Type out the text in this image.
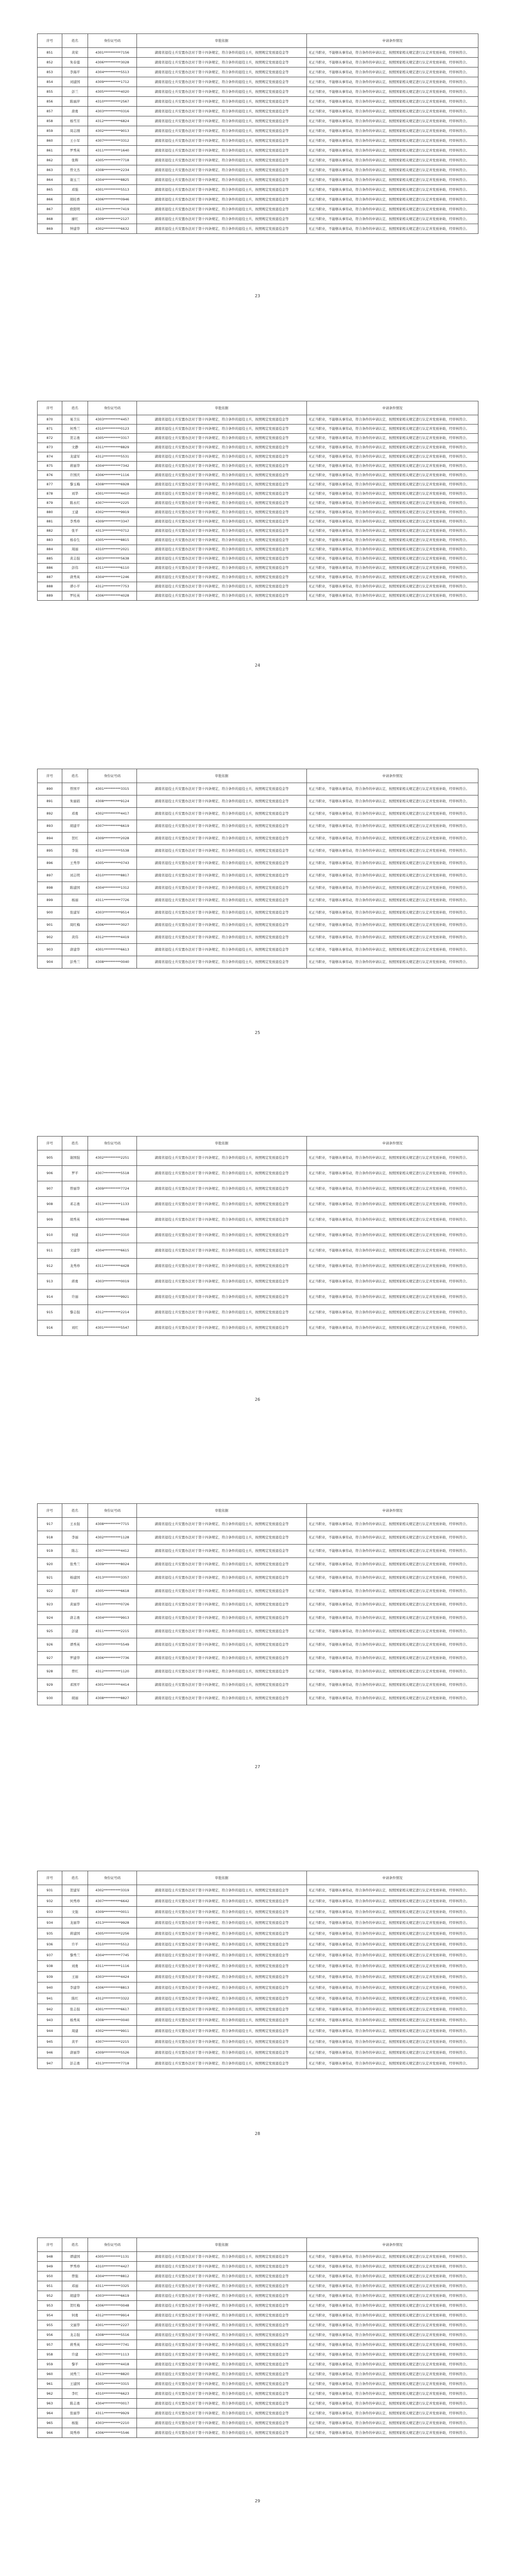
序号	姓名	身份证号码	审批依据	申请条件情况
851	黄荣	4301**********7156	湖南省退役士兵安置办法对于第十四条规定，符合条件的退役士兵，按照规定发放退役金等	无正当职业，不能够从事劳动，符合条件的申请认定，按照国家相关规定进行认定并发放补助，经审核符合。
852	朱春莲	4306**********3028	湖南省退役士兵安置办法对于第十四条规定，符合条件的退役士兵，按照规定发放退役金等	无正当职业，不能够从事劳动，符合条件的申请认定，按照国家相关规定进行认定并发放补助，经审核符合。
853	李海平	4304**********5513	湖南省退役士兵安置办法对于第十四条规定，符合条件的退役士兵，按照规定发放退役金等	无正当职业，不能够从事劳动，符合条件的申请认定，按照国家相关规定进行认定并发放补助，经审核符合。
854	刘建国	4309**********1712	湖南省退役士兵安置办法对于第十四条规定，符合条件的退役士兵，按照规定发放退役金等	无正当职业，不能够从事劳动，符合条件的申请认定，按照国家相关规定进行认定并发放补助，经审核符合。
855	彭兰	4305**********4020	湖南省退役士兵安置办法对于第十四条规定，符合条件的退役士兵，按照规定发放退役金等	无正当职业，不能够从事劳动，符合条件的申请认定，按照国家相关规定进行认定并发放补助，经审核符合。
856	陈丽萍	4310**********2567	湖南省退役士兵安置办法对于第十四条规定，符合条件的退役士兵，按照规定发放退役金等	无正当职业，不能够从事劳动，符合条件的申请认定，按照国家相关规定进行认定并发放补助，经审核符合。
857	唐勇	4303**********0316	湖南省退役士兵安置办法对于第十四条规定，符合条件的退役士兵，按照规定发放退役金等	无正当职业，不能够从事劳动，符合条件的申请认定，按照国家相关规定进行认定并发放补助，经审核符合。
858	杨雪芳	4312**********6824	湖南省退役士兵安置办法对于第十四条规定，符合条件的退役士兵，按照规定发放退役金等	无正当职业，不能够从事劳动，符合条件的申请认定，按照国家相关规定进行认定并发放补助，经审核符合。
859	周志刚	4302**********9013	湖南省退役士兵安置办法对于第十四条规定，符合条件的退役士兵，按照规定发放退役金等	无正当职业，不能够从事劳动，符合条件的申请认定，按照国家相关规定进行认定并发放补助，经审核符合。
860	王小军	4307**********3312	湖南省退役士兵安置办法对于第十四条规定，符合条件的退役士兵，按照规定发放退役金等	无正当职业，不能够从事劳动，符合条件的申请认定，按照国家相关规定进行认定并发放补助，经审核符合。
861	罗秀英	4311**********1640	湖南省退役士兵安置办法对于第十四条规定，符合条件的退役士兵，按照规定发放退役金等	无正当职业，不能够从事劳动，符合条件的申请认定，按照国家相关规定进行认定并发放补助，经审核符合。
862	张辉	4305**********7718	湖南省退役士兵安置办法对于第十四条规定，符合条件的退役士兵，按照规定发放退役金等	无正当职业，不能够从事劳动，符合条件的申请认定，按照国家相关规定进行认定并发放补助，经审核符合。
863	曾文杰	4308**********2234	湖南省退役士兵安置办法对于第十四条规定，符合条件的退役士兵，按照规定发放退役金等	无正当职业，不能够从事劳动，符合条件的申请认定，按照国家相关规定进行认定并发放补助，经审核符合。
864	谢玉兰	4304**********8825	湖南省退役士兵安置办法对于第十四条规定，符合条件的退役士兵，按照规定发放退役金等	无正当职业，不能够从事劳动，符合条件的申请认定，按照国家相关规定进行认定并发放补助，经审核符合。
865	邓强	4301**********5513	湖南省退役士兵安置办法对于第十四条规定，符合条件的退役士兵，按照规定发放退役金等	无正当职业，不能够从事劳动，符合条件的申请认定，按照国家相关规定进行认定并发放补助，经审核符合。
866	胡桂香	4306**********0946	湖南省退役士兵安置办法对于第十四条规定，符合条件的退役士兵，按照规定发放退役金等	无正当职业，不能够从事劳动，符合条件的申请认定，按照国家相关规定进行认定并发放补助，经审核符合。
867	欧阳明	4313**********7419	湖南省退役士兵安置办法对于第十四条规定，符合条件的退役士兵，按照规定发放退役金等	无正当职业，不能够从事劳动，符合条件的申请认定，按照国家相关规定进行认定并发放补助，经审核符合。
868	廖红	4309**********2127	湖南省退役士兵安置办法对于第十四条规定，符合条件的退役士兵，按照规定发放退役金等	无正当职业，不能够从事劳动，符合条件的申请认定，按照国家相关规定进行认定并发放补助，经审核符合。
869	钟建华	4302**********6632	湖南省退役士兵安置办法对于第十四条规定，符合条件的退役士兵，按照规定发放退役金等	无正当职业，不能够从事劳动，符合条件的申请认定，按照国家相关规定进行认定并发放补助，经审核符合。
23
序号	姓名	身份证号码	审批依据	申请条件情况
870	易卫东	4303**********4457	湖南省退役士兵安置办法对于第十四条规定，符合条件的退役士兵，按照规定发放退役金等	无正当职业，不能够从事劳动，符合条件的申请认定，按照国家相关规定进行认定并发放补助，经审核符合。
871	何秀兰	4310**********0123	湖南省退役士兵安置办法对于第十四条规定，符合条件的退役士兵，按照规定发放退役金等	无正当职业，不能够从事劳动，符合条件的申请认定，按照国家相关规定进行认定并发放补助，经审核符合。
872	贺志勇	4305**********3317	湖南省退役士兵安置办法对于第十四条规定，符合条件的退役士兵，按照规定发放退役金等	无正当职业，不能够从事劳动，符合条件的申请认定，按照国家相关规定进行认定并发放补助，经审核符合。
873	文静	4311**********8829	湖南省退役士兵安置办法对于第十四条规定，符合条件的退役士兵，按照规定发放退役金等	无正当职业，不能够从事劳动，符合条件的申请认定，按照国家相关规定进行认定并发放补助，经审核符合。
874	龙建军	4312**********5531	湖南省退役士兵安置办法对于第十四条规定，符合条件的退役士兵，按照规定发放退役金等	无正当职业，不能够从事劳动，符合条件的申请认定，按照国家相关规定进行认定并发放补助，经审核符合。
875	蒋丽华	4304**********7342	湖南省退役士兵安置办法对于第十四条规定，符合条件的退役士兵，按照规定发放退役金等	无正当职业，不能够从事劳动，符合条件的申请认定，按照国家相关规定进行认定并发放补助，经审核符合。
876	许国庆	4306**********1116	湖南省退役士兵安置办法对于第十四条规定，符合条件的退役士兵，按照规定发放退役金等	无正当职业，不能够从事劳动，符合条件的申请认定，按照国家相关规定进行认定并发放补助，经审核符合。
877	黎玉梅	4308**********6928	湖南省退役士兵安置办法对于第十四条规定，符合条件的退役士兵，按照规定发放退役金等	无正当职业，不能够从事劳动，符合条件的申请认定，按照国家相关规定进行认定并发放补助，经审核符合。
878	刘华	4301**********4410	湖南省退役士兵安置办法对于第十四条规定，符合条件的退役士兵，按照规定发放退役金等	无正当职业，不能够从事劳动，符合条件的申请认定，按照国家相关规定进行认定并发放补助，经审核符合。
879	陈永红	4307**********2225	湖南省退役士兵安置办法对于第十四条规定，符合条件的退役士兵，按照规定发放退役金等	无正当职业，不能够从事劳动，符合条件的申请认定，按照国家相关规定进行认定并发放补助，经审核符合。
880	王建	4302**********9919	湖南省退役士兵安置办法对于第十四条规定，符合条件的退役士兵，按照规定发放退役金等	无正当职业，不能够从事劳动，符合条件的申请认定，按照国家相关规定进行认定并发放补助，经审核符合。
881	李秀珍	4309**********3347	湖南省退役士兵安置办法对于第十四条规定，符合条件的退役士兵，按照规定发放退役金等	无正当职业，不能够从事劳动，符合条件的申请认定，按照国家相关规定进行认定并发放补助，经审核符合。
882	张平	4313**********0712	湖南省退役士兵安置办法对于第十四条规定，符合条件的退役士兵，按照规定发放退役金等	无正当职业，不能够从事劳动，符合条件的申请认定，按照国家相关规定进行认定并发放补助，经审核符合。
883	杨春生	4305**********8815	湖南省退役士兵安置办法对于第十四条规定，符合条件的退役士兵，按照规定发放退役金等	无正当职业，不能够从事劳动，符合条件的申请认定，按照国家相关规定进行认定并发放补助，经审核符合。
884	周丽	4310**********2021	湖南省退役士兵安置办法对于第十四条规定，符合条件的退役士兵，按照规定发放退役金等	无正当职业，不能够从事劳动，符合条件的申请认定，按照国家相关规定进行认定并发放补助，经审核符合。
885	黄志强	4303**********5638	湖南省退役士兵安置办法对于第十四条规定，符合条件的退役士兵，按照规定发放退役金等	无正当职业，不能够从事劳动，符合条件的申请认定，按照国家相关规定进行认定并发放补助，经审核符合。
886	彭伟	4311**********6110	湖南省退役士兵安置办法对于第十四条规定，符合条件的退役士兵，按照规定发放退役金等	无正当职业，不能够从事劳动，符合条件的申请认定，按照国家相关规定进行认定并发放补助，经审核符合。
887	唐秀英	4304**********1246	湖南省退役士兵安置办法对于第十四条规定，符合条件的退役士兵，按照规定发放退役金等	无正当职业，不能够从事劳动，符合条件的申请认定，按照国家相关规定进行认定并发放补助，经审核符合。
888	谭小平	4312**********7753	湖南省退役士兵安置办法对于第十四条规定，符合条件的退役士兵，按照规定发放退役金等	无正当职业，不能够从事劳动，符合条件的申请认定，按照国家相关规定进行认定并发放补助，经审核符合。
889	罗桂英	4306**********4028	湖南省退役士兵安置办法对于第十四条规定，符合条件的退役士兵，按照规定发放退役金等	无正当职业，不能够从事劳动，符合条件的申请认定，按照国家相关规定进行认定并发放补助，经审核符合。
24
序号	姓名	身份证号码	审批依据	申请条件情况
890	曾国平	4301**********3315	湖南省退役士兵安置办法对于第十四条规定，符合条件的退役士兵，按照规定发放退役金等	无正当职业，不能够从事劳动，符合条件的申请认定，按照国家相关规定进行认定并发放补助，经审核符合。
891	朱丽娟	4308**********9124	湖南省退役士兵安置办法对于第十四条规定，符合条件的退役士兵，按照规定发放退役金等	无正当职业，不能够从事劳动，符合条件的申请认定，按照国家相关规定进行认定并发放补助，经审核符合。
892	邓勇	4302**********4417	湖南省退役士兵安置办法对于第十四条规定，符合条件的退役士兵，按照规定发放退役金等	无正当职业，不能够从事劳动，符合条件的申请认定，按照国家相关规定进行认定并发放补助，经审核符合。
893	胡建平	4307**********6619	湖南省退役士兵安置办法对于第十四条规定，符合条件的退役士兵，按照规定发放退役金等	无正当职业，不能够从事劳动，符合条件的申请认定，按照国家相关规定进行认定并发放补助，经审核符合。
894	贺红	4309**********2028	湖南省退役士兵安置办法对于第十四条规定，符合条件的退役士兵，按照规定发放退役金等	无正当职业，不能够从事劳动，符合条件的申请认定，按照国家相关规定进行认定并发放补助，经审核符合。
895	李强	4313**********5538	湖南省退役士兵安置办法对于第十四条规定，符合条件的退役士兵，按照规定发放退役金等	无正当职业，不能够从事劳动，符合条件的申请认定，按照国家相关规定进行认定并发放补助，经审核符合。
896	王秀华	4305**********0743	湖南省退役士兵安置办法对于第十四条规定，符合条件的退役士兵，按照规定发放退役金等	无正当职业，不能够从事劳动，符合条件的申请认定，按照国家相关规定进行认定并发放补助，经审核符合。
897	刘志明	4310**********8817	湖南省退役士兵安置办法对于第十四条规定，符合条件的退役士兵，按照规定发放退役金等	无正当职业，不能够从事劳动，符合条件的申请认定，按照国家相关规定进行认定并发放补助，经审核符合。
898	陈建国	4304**********1312	湖南省退役士兵安置办法对于第十四条规定，符合条件的退役士兵，按照规定发放退役金等	无正当职业，不能够从事劳动，符合条件的申请认定，按照国家相关规定进行认定并发放补助，经审核符合。
899	杨丽	4311**********7726	湖南省退役士兵安置办法对于第十四条规定，符合条件的退役士兵，按照规定发放退役金等	无正当职业，不能够从事劳动，符合条件的申请认定，按照国家相关规定进行认定并发放补助，经审核符合。
900	张建军	4303**********9514	湖南省退役士兵安置办法对于第十四条规定，符合条件的退役士兵，按照规定发放退役金等	无正当职业，不能够从事劳动，符合条件的申请认定，按照国家相关规定进行认定并发放补助，经审核符合。
901	周红梅	4306**********3027	湖南省退役士兵安置办法对于第十四条规定，符合条件的退役士兵，按照规定发放退役金等	无正当职业，不能够从事劳动，符合条件的申请认定，按照国家相关规定进行认定并发放补助，经审核符合。
902	黄伟	4312**********4419	湖南省退役士兵安置办法对于第十四条规定，符合条件的退役士兵，按照规定发放退役金等	无正当职业，不能够从事劳动，符合条件的申请认定，按照国家相关规定进行认定并发放补助，经审核符合。
903	唐建华	4301**********6613	湖南省退役士兵安置办法对于第十四条规定，符合条件的退役士兵，按照规定发放退役金等	无正当职业，不能够从事劳动，符合条件的申请认定，按照国家相关规定进行认定并发放补助，经审核符合。
904	彭秀兰	4308**********0040	湖南省退役士兵安置办法对于第十四条规定，符合条件的退役士兵，按照规定发放退役金等	无正当职业，不能够从事劳动，符合条件的申请认定，按照国家相关规定进行认定并发放补助，经审核符合。
25
序号	姓名	身份证号码	审批依据	申请条件情况
905	谢国强	4302**********2251	湖南省退役士兵安置办法对于第十四条规定，符合条件的退役士兵，按照规定发放退役金等	无正当职业，不能够从事劳动，符合条件的申请认定，按照国家相关规定进行认定并发放补助，经审核符合。
906	罗平	4307**********5518	湖南省退役士兵安置办法对于第十四条规定，符合条件的退役士兵，按照规定发放退役金等	无正当职业，不能够从事劳动，符合条件的申请认定，按照国家相关规定进行认定并发放补助，经审核符合。
907	曾丽华	4309**********7724	湖南省退役士兵安置办法对于第十四条规定，符合条件的退役士兵，按照规定发放退役金等	无正当职业，不能够从事劳动，符合条件的申请认定，按照国家相关规定进行认定并发放补助，经审核符合。
908	邓志勇	4313**********1133	湖南省退役士兵安置办法对于第十四条规定，符合条件的退役士兵，按照规定发放退役金等	无正当职业，不能够从事劳动，符合条件的申请认定，按照国家相关规定进行认定并发放补助，经审核符合。
909	胡秀英	4305**********8846	湖南省退役士兵安置办法对于第十四条规定，符合条件的退役士兵，按照规定发放退役金等	无正当职业，不能够从事劳动，符合条件的申请认定，按照国家相关规定进行认定并发放补助，经审核符合。
910	何建	4310**********3310	湖南省退役士兵安置办法对于第十四条规定，符合条件的退役士兵，按照规定发放退役金等	无正当职业，不能够从事劳动，符合条件的申请认定，按照国家相关规定进行认定并发放补助，经审核符合。
911	文建华	4304**********6615	湖南省退役士兵安置办法对于第十四条规定，符合条件的退役士兵，按照规定发放退役金等	无正当职业，不能够从事劳动，符合条件的申请认定，按照国家相关规定进行认定并发放补助，经审核符合。
912	龙秀珍	4311**********4428	湖南省退役士兵安置办法对于第十四条规定，符合条件的退役士兵，按照规定发放退役金等	无正当职业，不能够从事劳动，符合条件的申请认定，按照国家相关规定进行认定并发放补助，经审核符合。
913	蒋勇	4303**********0019	湖南省退役士兵安置办法对于第十四条规定，符合条件的退役士兵，按照规定发放退役金等	无正当职业，不能够从事劳动，符合条件的申请认定，按照国家相关规定进行认定并发放补助，经审核符合。
914	许丽	4306**********9921	湖南省退役士兵安置办法对于第十四条规定，符合条件的退役士兵，按照规定发放退役金等	无正当职业，不能够从事劳动，符合条件的申请认定，按照国家相关规定进行认定并发放补助，经审核符合。
915	黎志强	4312**********2214	湖南省退役士兵安置办法对于第十四条规定，符合条件的退役士兵，按照规定发放退役金等	无正当职业，不能够从事劳动，符合条件的申请认定，按照国家相关规定进行认定并发放补助，经审核符合。
916	刘红	4301**********5547	湖南省退役士兵安置办法对于第十四条规定，符合条件的退役士兵，按照规定发放退役金等	无正当职业，不能够从事劳动，符合条件的申请认定，按照国家相关规定进行认定并发放补助，经审核符合。
26
序号	姓名	身份证号码	审批依据	申请条件情况
917	王永强	4308**********7715	湖南省退役士兵安置办法对于第十四条规定，符合条件的退役士兵，按照规定发放退役金等	无正当职业，不能够从事劳动，符合条件的申请认定，按照国家相关规定进行认定并发放补助，经审核符合。
918	李丽	4302**********1128	湖南省退役士兵安置办法对于第十四条规定，符合条件的退役士兵，按照规定发放退役金等	无正当职业，不能够从事劳动，符合条件的申请认定，按照国家相关规定进行认定并发放补助，经审核符合。
919	陈志	4307**********4412	湖南省退役士兵安置办法对于第十四条规定，符合条件的退役士兵，按照规定发放退役金等	无正当职业，不能够从事劳动，符合条件的申请认定，按照国家相关规定进行认定并发放补助，经审核符合。
920	张秀兰	4309**********8024	湖南省退役士兵安置办法对于第十四条规定，符合条件的退役士兵，按照规定发放退役金等	无正当职业，不能够从事劳动，符合条件的申请认定，按照国家相关规定进行认定并发放补助，经审核符合。
921	杨建国	4313**********3357	湖南省退役士兵安置办法对于第十四条规定，符合条件的退役士兵，按照规定发放退役金等	无正当职业，不能够从事劳动，符合条件的申请认定，按照国家相关规定进行认定并发放补助，经审核符合。
922	周平	4305**********6618	湖南省退役士兵安置办法对于第十四条规定，符合条件的退役士兵，按照规定发放退役金等	无正当职业，不能够从事劳动，符合条件的申请认定，按照国家相关规定进行认定并发放补助，经审核符合。
923	黄丽华	4310**********0726	湖南省退役士兵安置办法对于第十四条规定，符合条件的退役士兵，按照规定发放退役金等	无正当职业，不能够从事劳动，符合条件的申请认定，按照国家相关规定进行认定并发放补助，经审核符合。
924	唐志勇	4304**********9913	湖南省退役士兵安置办法对于第十四条规定，符合条件的退役士兵，按照规定发放退役金等	无正当职业，不能够从事劳动，符合条件的申请认定，按照国家相关规定进行认定并发放补助，经审核符合。
925	彭建	4311**********2215	湖南省退役士兵安置办法对于第十四条规定，符合条件的退役士兵，按照规定发放退役金等	无正当职业，不能够从事劳动，符合条件的申请认定，按照国家相关规定进行认定并发放补助，经审核符合。
926	谭秀英	4303**********5549	湖南省退役士兵安置办法对于第十四条规定，符合条件的退役士兵，按照规定发放退役金等	无正当职业，不能够从事劳动，符合条件的申请认定，按照国家相关规定进行认定并发放补助，经审核符合。
927	罗建华	4306**********7736	湖南省退役士兵安置办法对于第十四条规定，符合条件的退役士兵，按照规定发放退役金等	无正当职业，不能够从事劳动，符合条件的申请认定，按照国家相关规定进行认定并发放补助，经审核符合。
928	曾红	4312**********1120	湖南省退役士兵安置办法对于第十四条规定，符合条件的退役士兵，按照规定发放退役金等	无正当职业，不能够从事劳动，符合条件的申请认定，按照国家相关规定进行认定并发放补助，经审核符合。
929	邓国平	4301**********4414	湖南省退役士兵安置办法对于第十四条规定，符合条件的退役士兵，按照规定发放退役金等	无正当职业，不能够从事劳动，符合条件的申请认定，按照国家相关规定进行认定并发放补助，经审核符合。
930	胡丽	4308**********8827	湖南省退役士兵安置办法对于第十四条规定，符合条件的退役士兵，按照规定发放退役金等	无正当职业，不能够从事劳动，符合条件的申请认定，按照国家相关规定进行认定并发放补助，经审核符合。
27
序号	姓名	身份证号码	审批依据	申请条件情况
931	贺建军	4302**********3319	湖南省退役士兵安置办法对于第十四条规定，符合条件的退役士兵，按照规定发放退役金等	无正当职业，不能够从事劳动，符合条件的申请认定，按照国家相关规定进行认定并发放补助，经审核符合。
932	何秀珍	4307**********6642	湖南省退役士兵安置办法对于第十四条规定，符合条件的退役士兵，按照规定发放退役金等	无正当职业，不能够从事劳动，符合条件的申请认定，按照国家相关规定进行认定并发放补助，经审核符合。
933	文强	4309**********0011	湖南省退役士兵安置办法对于第十四条规定，符合条件的退役士兵，按照规定发放退役金等	无正当职业，不能够从事劳动，符合条件的申请认定，按照国家相关规定进行认定并发放补助，经审核符合。
934	龙丽华	4313**********9928	湖南省退役士兵安置办法对于第十四条规定，符合条件的退役士兵，按照规定发放退役金等	无正当职业，不能够从事劳动，符合条件的申请认定，按照国家相关规定进行认定并发放补助，经审核符合。
935	蒋建国	4305**********2256	湖南省退役士兵安置办法对于第十四条规定，符合条件的退役士兵，按照规定发放退役金等	无正当职业，不能够从事劳动，符合条件的申请认定，按照国家相关规定进行认定并发放补助，经审核符合。
936	许平	4310**********5512	湖南省退役士兵安置办法对于第十四条规定，符合条件的退役士兵，按照规定发放退役金等	无正当职业，不能够从事劳动，符合条件的申请认定，按照国家相关规定进行认定并发放补助，经审核符合。
937	黎秀兰	4304**********7745	湖南省退役士兵安置办法对于第十四条规定，符合条件的退役士兵，按照规定发放退役金等	无正当职业，不能够从事劳动，符合条件的申请认定，按照国家相关规定进行认定并发放补助，经审核符合。
938	刘勇	4311**********1116	湖南省退役士兵安置办法对于第十四条规定，符合条件的退役士兵，按照规定发放退役金等	无正当职业，不能够从事劳动，符合条件的申请认定，按照国家相关规定进行认定并发放补助，经审核符合。
939	王丽	4303**********4424	湖南省退役士兵安置办法对于第十四条规定，符合条件的退役士兵，按照规定发放退役金等	无正当职业，不能够从事劳动，符合条件的申请认定，按照国家相关规定进行认定并发放补助，经审核符合。
940	李建华	4306**********8813	湖南省退役士兵安置办法对于第十四条规定，符合条件的退役士兵，按照规定发放退役金等	无正当职业，不能够从事劳动，符合条件的申请认定，按照国家相关规定进行认定并发放补助，经审核符合。
941	陈红	4312**********3322	湖南省退役士兵安置办法对于第十四条规定，符合条件的退役士兵，按照规定发放退役金等	无正当职业，不能够从事劳动，符合条件的申请认定，按照国家相关规定进行认定并发放补助，经审核符合。
942	张志强	4301**********6617	湖南省退役士兵安置办法对于第十四条规定，符合条件的退役士兵，按照规定发放退役金等	无正当职业，不能够从事劳动，符合条件的申请认定，按照国家相关规定进行认定并发放补助，经审核符合。
943	杨秀英	4308**********0040	湖南省退役士兵安置办法对于第十四条规定，符合条件的退役士兵，按照规定发放退役金等	无正当职业，不能够从事劳动，符合条件的申请认定，按照国家相关规定进行认定并发放补助，经审核符合。
944	周建	4302**********9911	湖南省退役士兵安置办法对于第十四条规定，符合条件的退役士兵，按照规定发放退役金等	无正当职业，不能够从事劳动，符合条件的申请认定，按照国家相关规定进行认定并发放补助，经审核符合。
945	黄平	4307**********2215	湖南省退役士兵安置办法对于第十四条规定，符合条件的退役士兵，按照规定发放退役金等	无正当职业，不能够从事劳动，符合条件的申请认定，按照国家相关规定进行认定并发放补助，经审核符合。
946	唐丽华	4309**********5526	湖南省退役士兵安置办法对于第十四条规定，符合条件的退役士兵，按照规定发放退役金等	无正当职业，不能够从事劳动，符合条件的申请认定，按照国家相关规定进行认定并发放补助，经审核符合。
947	彭志勇	4313**********7718	湖南省退役士兵安置办法对于第十四条规定，符合条件的退役士兵，按照规定发放退役金等	无正当职业，不能够从事劳动，符合条件的申请认定，按照国家相关规定进行认定并发放补助，经审核符合。
28
序号	姓名	身份证号码	审批依据	申请条件情况
948	谭建国	4305**********1131	湖南省退役士兵安置办法对于第十四条规定，符合条件的退役士兵，按照规定发放退役金等	无正当职业，不能够从事劳动，符合条件的申请认定，按照国家相关规定进行认定并发放补助，经审核符合。
949	罗秀珍	4310**********4427	湖南省退役士兵安置办法对于第十四条规定，符合条件的退役士兵，按照规定发放退役金等	无正当职业，不能够从事劳动，符合条件的申请认定，按照国家相关规定进行认定并发放补助，经审核符合。
950	曾强	4304**********8812	湖南省退役士兵安置办法对于第十四条规定，符合条件的退役士兵，按照规定发放退役金等	无正当职业，不能够从事劳动，符合条件的申请认定，按照国家相关规定进行认定并发放补助，经审核符合。
951	邓丽	4311**********3325	湖南省退役士兵安置办法对于第十四条规定，符合条件的退役士兵，按照规定发放退役金等	无正当职业，不能够从事劳动，符合条件的申请认定，按照国家相关规定进行认定并发放补助，经审核符合。
952	胡建华	4303**********6619	湖南省退役士兵安置办法对于第十四条规定，符合条件的退役士兵，按照规定发放退役金等	无正当职业，不能够从事劳动，符合条件的申请认定，按照国家相关规定进行认定并发放补助，经审核符合。
953	贺红梅	4306**********0048	湖南省退役士兵安置办法对于第十四条规定，符合条件的退役士兵，按照规定发放退役金等	无正当职业，不能够从事劳动，符合条件的申请认定，按照国家相关规定进行认定并发放补助，经审核符合。
954	何勇	4312**********9914	湖南省退役士兵安置办法对于第十四条规定，符合条件的退役士兵，按照规定发放退役金等	无正当职业，不能够从事劳动，符合条件的申请认定，按照国家相关规定进行认定并发放补助，经审核符合。
955	文丽华	4301**********2227	湖南省退役士兵安置办法对于第十四条规定，符合条件的退役士兵，按照规定发放退役金等	无正当职业，不能够从事劳动，符合条件的申请认定，按照国家相关规定进行认定并发放补助，经审核符合。
956	龙志强	4308**********5516	湖南省退役士兵安置办法对于第十四条规定，符合条件的退役士兵，按照规定发放退役金等	无正当职业，不能够从事劳动，符合条件的申请认定，按照国家相关规定进行认定并发放补助，经审核符合。
957	蒋秀英	4302**********7741	湖南省退役士兵安置办法对于第十四条规定，符合条件的退役士兵，按照规定发放退役金等	无正当职业，不能够从事劳动，符合条件的申请认定，按照国家相关规定进行认定并发放补助，经审核符合。
958	许建	4307**********1113	湖南省退役士兵安置办法对于第十四条规定，符合条件的退役士兵，按照规定发放退役金等	无正当职业，不能够从事劳动，符合条件的申请认定，按照国家相关规定进行认定并发放补助，经审核符合。
959	黎平	4309**********4418	湖南省退役士兵安置办法对于第十四条规定，符合条件的退役士兵，按照规定发放退役金等	无正当职业，不能够从事劳动，符合条件的申请认定，按照国家相关规定进行认定并发放补助，经审核符合。
960	刘秀兰	4313**********8820	湖南省退役士兵安置办法对于第十四条规定，符合条件的退役士兵，按照规定发放退役金等	无正当职业，不能够从事劳动，符合条件的申请认定，按照国家相关规定进行认定并发放补助，经审核符合。
961	王建国	4305**********3315	湖南省退役士兵安置办法对于第十四条规定，符合条件的退役士兵，按照规定发放退役金等	无正当职业，不能够从事劳动，符合条件的申请认定，按照国家相关规定进行认定并发放补助，经审核符合。
962	李红	4310**********6623	湖南省退役士兵安置办法对于第十四条规定，符合条件的退役士兵，按照规定发放退役金等	无正当职业，不能够从事劳动，符合条件的申请认定，按照国家相关规定进行认定并发放补助，经审核符合。
963	陈志勇	4304**********0017	湖南省退役士兵安置办法对于第十四条规定，符合条件的退役士兵，按照规定发放退役金等	无正当职业，不能够从事劳动，符合条件的申请认定，按照国家相关规定进行认定并发放补助，经审核符合。
964	张丽华	4311**********9929	湖南省退役士兵安置办法对于第十四条规定，符合条件的退役士兵，按照规定发放退役金等	无正当职业，不能够从事劳动，符合条件的申请认定，按照国家相关规定进行认定并发放补助，经审核符合。
965	杨强	4303**********2210	湖南省退役士兵安置办法对于第十四条规定，符合条件的退役士兵，按照规定发放退役金等	无正当职业，不能够从事劳动，符合条件的申请认定，按照国家相关规定进行认定并发放补助，经审核符合。
966	周秀珍	4306**********5546	湖南省退役士兵安置办法对于第十四条规定，符合条件的退役士兵，按照规定发放退役金等	无正当职业，不能够从事劳动，符合条件的申请认定，按照国家相关规定进行认定并发放补助，经审核符合。
29
